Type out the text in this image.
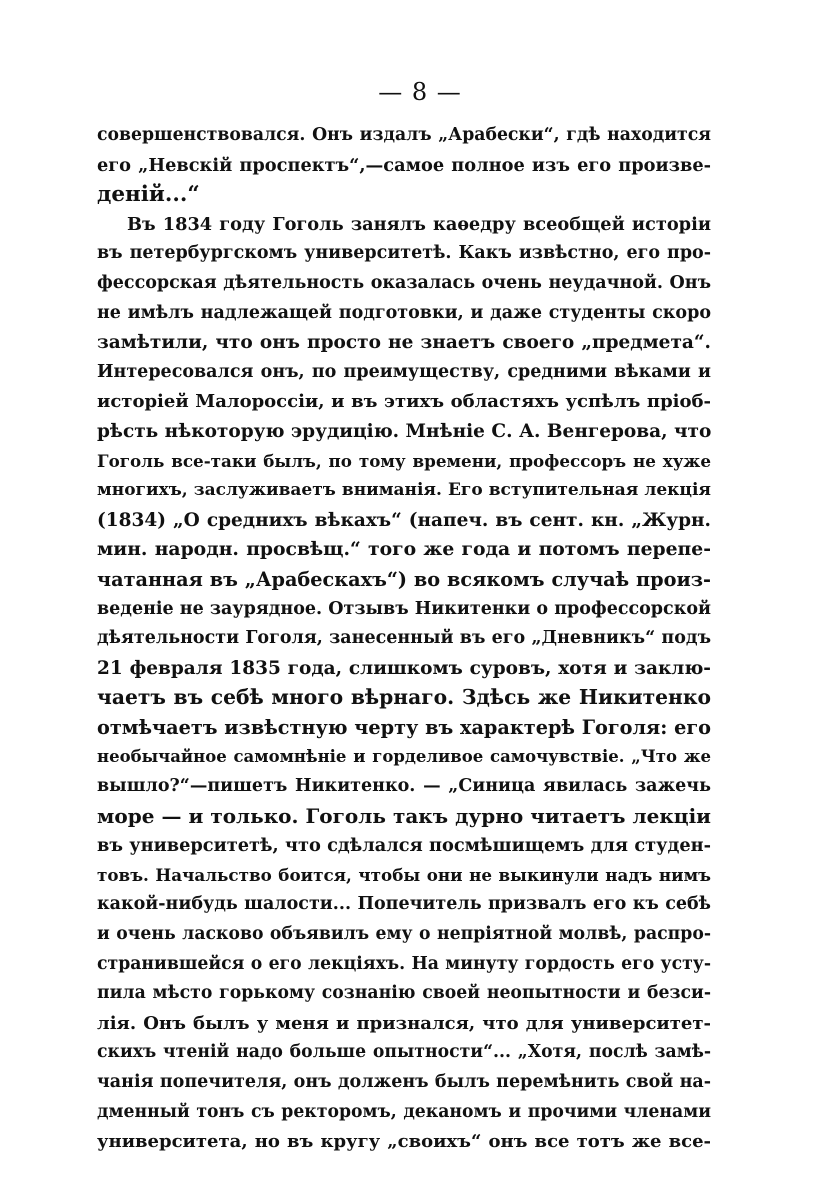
— 8 —
совершенствовался. Онъ издалъ „Арабески“, гдѣ находится
его „Невскій проспектъ“,—самое полное изъ его произве-
деній...“
Въ 1834 году Гоголь занялъ каѳедру всеобщей исторіи
въ петербургскомъ университетѣ. Какъ извѣстно, его про-
фессорская дѣятельность оказалась очень неудачной. Онъ
не имѣлъ надлежащей подготовки, и даже студенты скоро
замѣтили, что онъ просто не знаетъ своего „предмета“.
Интересовался онъ, по преимуществу, средними вѣками и
исторіей Малороссіи, и въ этихъ областяхъ успѣлъ пріоб-
рѣсть нѣкоторую эрудицію. Мнѣніе С. А. Венгерова, что
Гоголь все-таки былъ, по тому времени, профессоръ не хуже
многихъ, заслуживаетъ вниманія. Его вступительная лекція
(1834) „О среднихъ вѣкахъ“ (напеч. въ сент. кн. „Журн.
мин. народн. просвѣщ.“ того же года и потомъ перепе-
чатанная въ „Арабескахъ“) во всякомъ случаѣ произ-
веденіе не заурядное. Отзывъ Никитенки о профессорской
дѣятельности Гоголя, занесенный въ его „Дневникъ“ подъ
21 февраля 1835 года, слишкомъ суровъ, хотя и заклю-
чаетъ въ себѣ много вѣрнаго. Здѣсь же Никитенко
отмѣчаетъ извѣстную черту въ характерѣ Гоголя: его
необычайное самомнѣніе и горделивое самочувствіе. „Что же
вышло?“—пишетъ Никитенко. — „Синица явилась зажечь
море — и только. Гоголь такъ дурно читаетъ лекціи
въ университетѣ, что сдѣлался посмѣшищемъ для студен-
товъ. Начальство боится, чтобы они не выкинули надъ нимъ
какой-нибудь шалости... Попечитель призвалъ его къ себѣ
и очень ласково объявилъ ему о непріятной молвѣ, распро-
странившейся о его лекціяхъ. На минуту гордость его усту-
пила мѣсто горькому сознанію своей неопытности и безси-
лія. Онъ былъ у меня и признался, что для университет-
скихъ чтеній надо больше опытности“... „Хотя, послѣ замѣ-
чанія попечителя, онъ долженъ былъ перемѣнить свой на-
дменный тонъ съ ректоромъ, деканомъ и прочими членами
университета, но въ кругу „своихъ“ онъ все тотъ же все-
